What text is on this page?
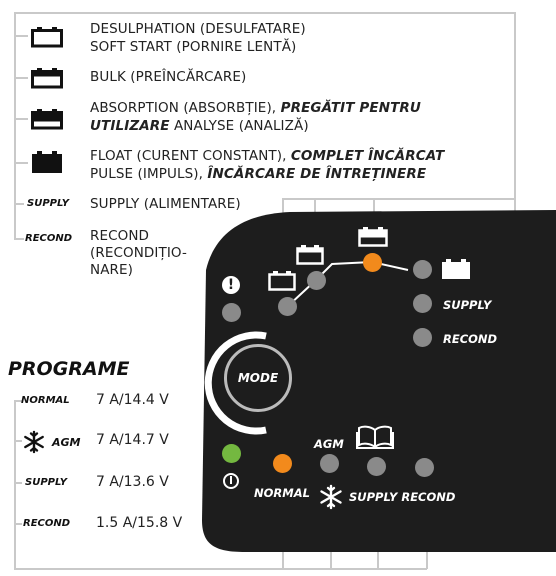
DESULPHATION (DESULFATARE)
SOFT START (PORNIRE LENTĂ)
BULK (PREÎNCĂRCARE)
ABSORPTION (ABSORBȚIE), PREGĂTIT PENTRU
UTILIZARE ANALYSE (ANALIZĂ)
FLOAT (CURENT CONSTANT), COMPLET ÎNCĂRCAT
PULSE (IMPULS), ÎNCĂRCARE DE ÎNTREȚINERE
SUPPLY SUPPLY (ALIMENTARE)
RECOND RECOND
(RECONDIȚIO-
NARE)
PROGRAME
NORMAL 7 A/14.4 V
AGM 7 A/14.7 V
SUPPLY 7 A/13.6 V
RECOND 1.5 A/15.8 V
!
SUPPLY
RECOND
MODE
AGM
NORMAL	SUPPLY RECOND
